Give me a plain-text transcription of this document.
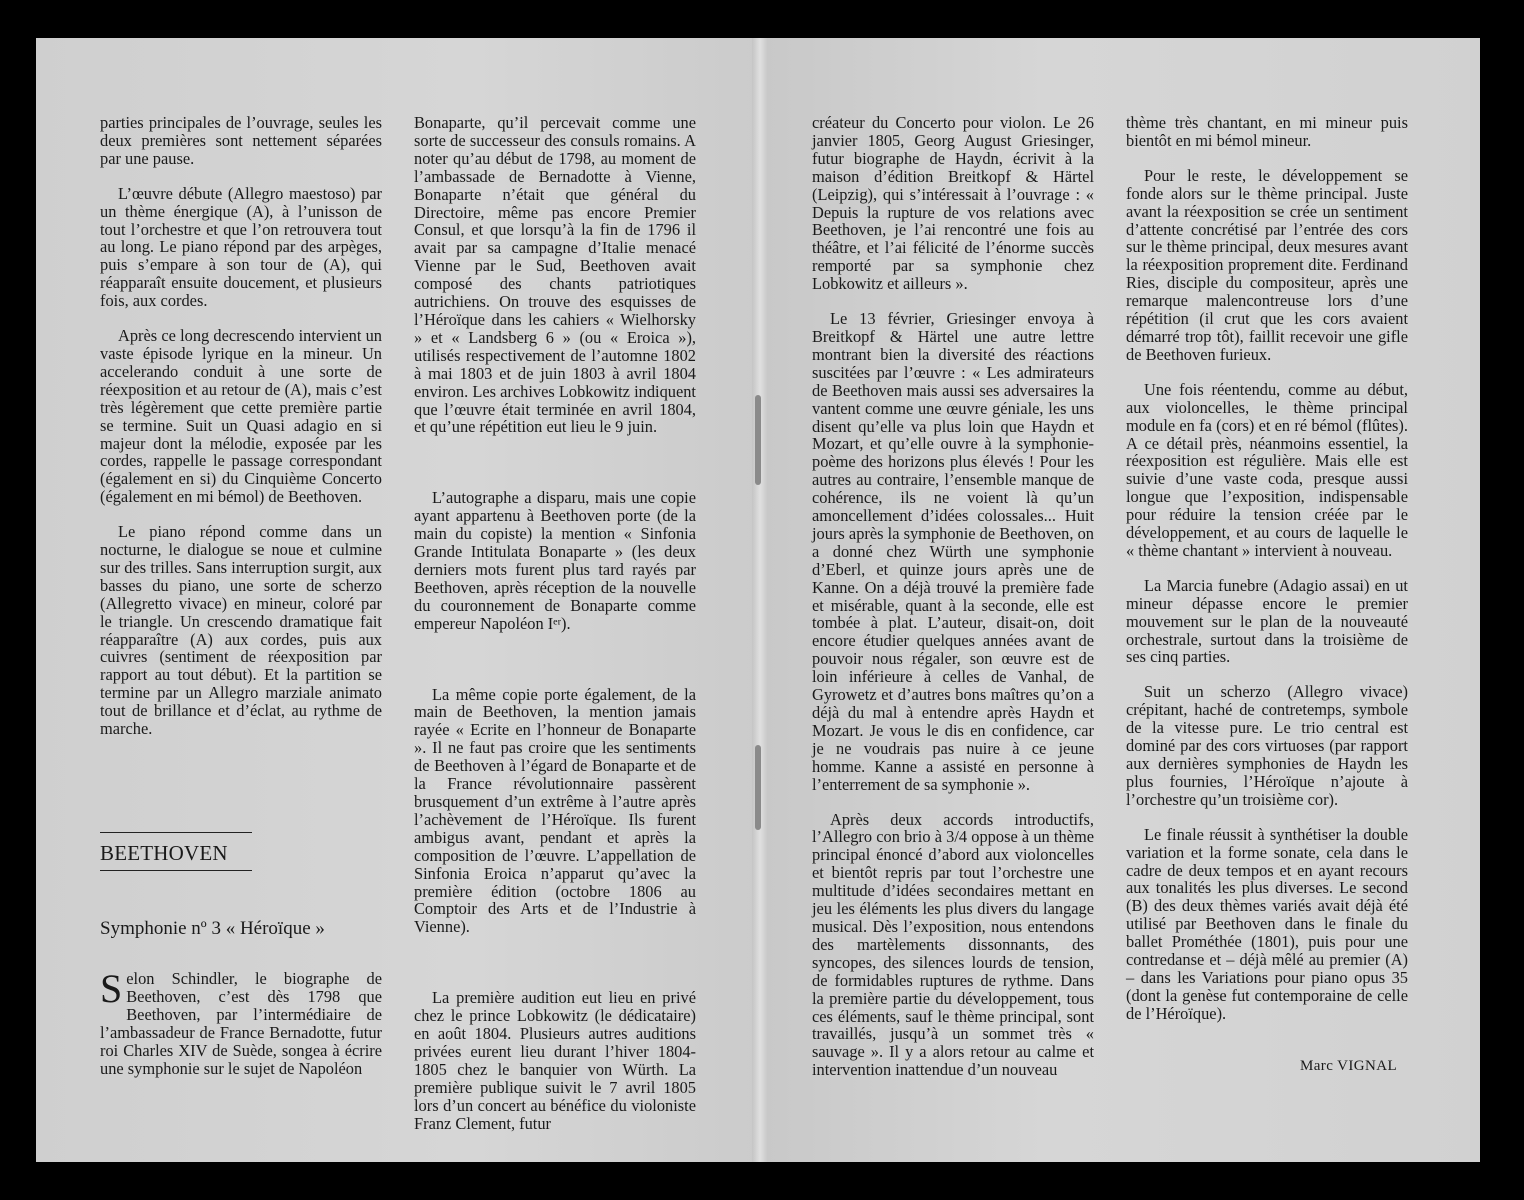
parties principales de l’ouvrage, seules les deux premières sont nettement séparées par une pause.

L’œuvre débute (Allegro maestoso) par un thème énergique (A), à l’unisson de tout l’orchestre et que l’on retrouvera tout au long. Le piano répond par des arpèges, puis s’empare à son tour de (A), qui réapparaît ensuite doucement, et plusieurs fois, aux cordes.

Après ce long decrescendo intervient un vaste épisode lyrique en la mineur. Un accelerando conduit à une sorte de réexposition et au retour de (A), mais c’est très légèrement que cette première partie se termine. Suit un Quasi adagio en si majeur dont la mélodie, exposée par les cordes, rappelle le passage correspondant (également en si) du Cinquième Concerto (également en mi bémol) de Beethoven.

Le piano répond comme dans un nocturne, le dialogue se noue et culmine sur des trilles. Sans interruption surgit, aux basses du piano, une sorte de scherzo (Allegretto vivace) en mineur, coloré par le triangle. Un crescendo dramatique fait réapparaître (A) aux cordes, puis aux cuivres (sentiment de réexposition par rapport au tout début). Et la partition se termine par un Allegro marziale animato tout de brillance et d’éclat, au rythme de marche.

BEETHOVEN
Symphonie nº 3 « Héroïque »
Selon Schindler, le biographe de Beethoven, c’est dès 1798 que Beethoven, par l’intermédiaire de l’ambassadeur de France Bernadotte, futur roi Charles XIV de Suède, songea à écrire une symphonie sur le sujet de Napoléon

Bonaparte, qu’il percevait comme une sorte de successeur des consuls romains. A noter qu’au début de 1798, au moment de l’ambassade de Bernadotte à Vienne, Bonaparte n’était que général du Directoire, même pas encore Premier Consul, et que lorsqu’à la fin de 1796 il avait par sa campagne d’Italie menacé Vienne par le Sud, Beethoven avait composé des chants patriotiques autrichiens. On trouve des esquisses de l’Héroïque dans les cahiers « Wielhorsky » et « Landsberg 6 » (ou « Eroica »), utilisés respectivement de l’automne 1802 à mai 1803 et de juin 1803 à avril 1804 environ. Les archives Lobkowitz indiquent que l’œuvre était terminée en avril 1804, et qu’une répétition eut lieu le 9 juin.

L’autographe a disparu, mais une copie ayant appartenu à Beethoven porte (de la main du copiste) la mention « Sinfonia Grande Intitulata Bonaparte » (les deux derniers mots furent plus tard rayés par Beethoven, après réception de la nouvelle du couronnement de Bonaparte comme empereur Napoléon Iᵉʳ).

La même copie porte également, de la main de Beethoven, la mention jamais rayée « Ecrite en l’honneur de Bonaparte ». Il ne faut pas croire que les sentiments de Beethoven à l’égard de Bonaparte et de la France révolutionnaire passèrent brusquement d’un extrême à l’autre après l’achèvement de l’Héroïque. Ils furent ambigus avant, pendant et après la composition de l’œuvre. L’appellation de Sinfonia Eroica n’apparut qu’avec la première édition (octobre 1806 au Comptoir des Arts et de l’Industrie à Vienne).

La première audition eut lieu en privé chez le prince Lobkowitz (le dédicataire) en août 1804. Plusieurs autres auditions privées eurent lieu durant l’hiver 1804-1805 chez le banquier von Würth. La première publique suivit le 7 avril 1805 lors d’un concert au bénéfice du violoniste Franz Clement, futur

créateur du Concerto pour violon. Le 26 janvier 1805, Georg August Griesinger, futur biographe de Haydn, écrivit à la maison d’édition Breitkopf & Härtel (Leipzig), qui s’intéressait à l’ouvrage : « Depuis la rupture de vos relations avec Beethoven, je l’ai rencontré une fois au théâtre, et l’ai félicité de l’énorme succès remporté par sa symphonie chez Lobkowitz et ailleurs ».

Le 13 février, Griesinger envoya à Breitkopf & Härtel une autre lettre montrant bien la diversité des réactions suscitées par l’œuvre : « Les admirateurs de Beethoven mais aussi ses adversaires la vantent comme une œuvre géniale, les uns disent qu’elle va plus loin que Haydn et Mozart, et qu’elle ouvre à la symphonie-poème des horizons plus élevés ! Pour les autres au contraire, l’ensemble manque de cohérence, ils ne voient là qu’un amoncellement d’idées colossales... Huit jours après la symphonie de Beethoven, on a donné chez Würth une symphonie d’Eberl, et quinze jours après une de Kanne. On a déjà trouvé la première fade et misérable, quant à la seconde, elle est tombée à plat. L’auteur, disait-on, doit encore étudier quelques années avant de pouvoir nous régaler, son œuvre est de loin inférieure à celles de Vanhal, de Gyrowetz et d’autres bons maîtres qu’on a déjà du mal à entendre après Haydn et Mozart. Je vous le dis en confidence, car je ne voudrais pas nuire à ce jeune homme. Kanne a assisté en personne à l’enterrement de sa symphonie ».

Après deux accords introductifs, l’Allegro con brio à 3/4 oppose à un thème principal énoncé d’abord aux violoncelles et bientôt repris par tout l’orchestre une multitude d’idées secondaires mettant en jeu les éléments les plus divers du langage musical. Dès l’exposition, nous entendons des martèlements dissonnants, des syncopes, des silences lourds de tension, de formidables ruptures de rythme. Dans la première partie du développement, tous ces éléments, sauf le thème principal, sont travaillés, jusqu’à un sommet très « sauvage ». Il y a alors retour au calme et intervention inattendue d’un nouveau

thème très chantant, en mi mineur puis bientôt en mi bémol mineur.

Pour le reste, le développement se fonde alors sur le thème principal. Juste avant la réexposition se crée un sentiment d’attente concrétisé par l’entrée des cors sur le thème principal, deux mesures avant la réexposition proprement dite. Ferdinand Ries, disciple du compositeur, après une remarque malencontreuse lors d’une répétition (il crut que les cors avaient démarré trop tôt), faillit recevoir une gifle de Beethoven furieux.

Une fois réentendu, comme au début, aux violoncelles, le thème principal module en fa (cors) et en ré bémol (flûtes). A ce détail près, néanmoins essentiel, la réexposition est régulière. Mais elle est suivie d’une vaste coda, presque aussi longue que l’exposition, indispensable pour réduire la tension créée par le développement, et au cours de laquelle le « thème chantant » intervient à nouveau.

La Marcia funebre (Adagio assai) en ut mineur dépasse encore le premier mouvement sur le plan de la nouveauté orchestrale, surtout dans la troisième de ses cinq parties.

Suit un scherzo (Allegro vivace) crépitant, haché de contretemps, symbole de la vitesse pure. Le trio central est dominé par des cors virtuoses (par rapport aux dernières symphonies de Haydn les plus fournies, l’Héroïque n’ajoute à l’orchestre qu’un troisième cor).

Le finale réussit à synthétiser la double variation et la forme sonate, cela dans le cadre de deux tempos et en ayant recours aux tonalités les plus diverses. Le second (B) des deux thèmes variés avait déjà été utilisé par Beethoven dans le finale du ballet Prométhée (1801), puis pour une contredanse et – déjà mêlé au premier (A) – dans les Variations pour piano opus 35 (dont la genèse fut contemporaine de celle de l’Héroïque).

Marc VIGNAL
